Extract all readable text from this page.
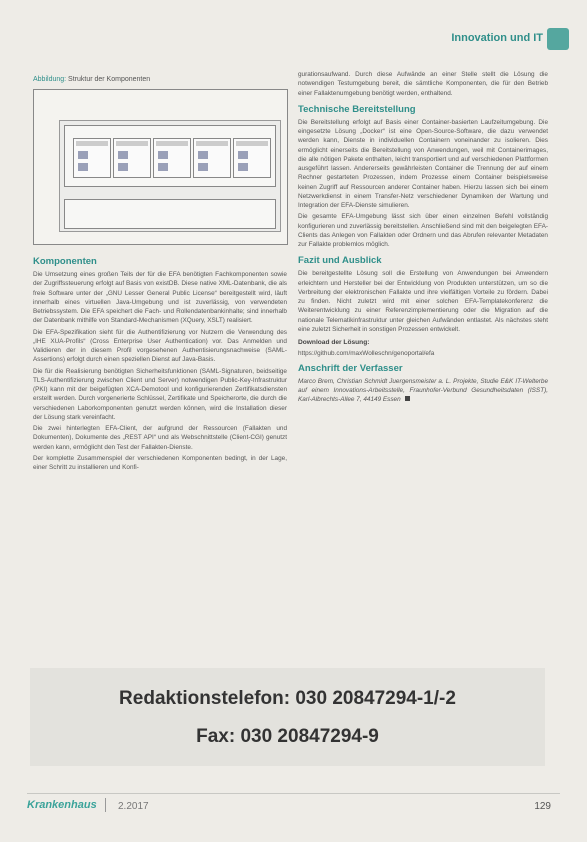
Innovation und IT
Abbildung: Struktur der Komponenten
Komponenten

Die Umsetzung eines großen Teils der für die EFA benötigten Fachkomponenten sowie der Zugriffssteuerung erfolgt auf Basis von existDB. Diese native XML-Datenbank, die als freie Software unter der „GNU Lesser General Public License“ bereitgestellt wird, läuft innerhalb eines virtuellen Java-Umgebung und ist zuverlässig, von verwendeten Betriebssystem. Die EFA speichert die Fach- und Rollendatenbankinhalte; sind innerhalb der Datenbank mithilfe von Standard-Mechanismen (XQuery, XSLT) realisiert.

Die EFA-Spezifikation sieht für die Authentifizierung vor Nutzern die Verwendung des „IHE XUA-Profils“ (Cross Enterprise User Authentication) vor. Das Anmelden und Validieren der in diesem Profil vorgesehenen Authentisierungsnachweise (SAML-Assertions) erfolgt durch einen speziellen Dienst auf Java-Basis.

Die für die Realisierung benötigten Sicherheitsfunktionen (SAML-Signaturen, beidseitige TLS-Authentifizierung zwischen Client und Server) notwendigen Public-Key-Infrastruktur (PKI) kann mit der beigefügten XCA-Demotool und konfigurierenden Zertifikatsdiensten erstellt werden. Durch vorgenerierte Schlüssel, Zertifikate und Speicherorte, die durch die verschiedenen Laborkomponenten genutzt werden können, wird die Installation dieser der Lösung stark vereinfacht.

Die zwei hinterlegten EFA-Client, der aufgrund der Ressourcen (Fallakten und Dokumenten), Dokumente des „REST API“ und als Webschnittstelle (Client-CGI) genutzt werden kann, ermöglicht den Test der Fallakten-Dienste.

Der komplette Zusammenspiel der verschiedenen Komponenten bedingt, in der Lage, einer Schritt zu installieren und Konfi-

gurationsaufwand. Durch diese Aufwände an einer Stelle stellt die Lösung die notwendigen Testumgebung bereit, die sämtliche Komponenten, die für den Betrieb einer Fallaktenumgebung benötigt werden, enthaltend.

Technische Bereitstellung

Die Bereitstellung erfolgt auf Basis einer Container-basierten Laufzeitumgebung. Die eingesetzte Lösung „Docker“ ist eine Open-Source-Software, die dazu verwendet werden kann, Dienste in individuellen Containern voneinander zu isolieren. Dies ermöglicht einerseits die Bereitstellung von Anwendungen, weil mit Containerimages, die alle nötigen Pakete enthalten, leicht transportiert und auf verschiedenen Plattformen ausgeführt lassen. Andererseits gewährleisten Container die Trennung der auf einem Rechner gestarteten Prozessen, indem Prozesse einem Container beispielsweise keinen Zugriff auf Ressourcen anderer Container haben. Hierzu lassen sich bei einem Netzwerkdienst in einem Transfer-Netz verschiedener Dynamiken der Wartung und Integration der EFA-Dienste simulieren.

Die gesamte EFA-Umgebung lässt sich über einen einzelnen Befehl vollständig konfigurieren und zuverlässig bereitstellen. Anschließend sind mit den beigelegten EFA-Clients das Anlegen von Fallakten oder Ordnern und das Abrufen relevanter Metadaten zur Fallakte problemlos möglich.

Fazit und Ausblick

Die bereitgestellte Lösung soll die Erstellung von Anwendungen bei Anwendern erleichtern und Hersteller bei der Entwicklung von Produkten unterstützen, um so die Verbreitung der elektronischen Fallakte und ihre vielfältigen Vorteile zu fördern. Dabei zu finden. Nicht zuletzt wird mit einer solchen EFA-Templatekonferenz die Weiterentwicklung zu einer Referenzimplementierung oder die Migration auf die nationale Telematikinfrastruktur unter gleichen Aufwänden entlastet. Als nächstes steht eine zuletzt Sicherheit in sonstigen Prozessen entwickelt.

Download der Lösung:

https://github.com/maxWolleschn/genoportal/efa

Anschrift der Verfasser

Marco Brem, Christian Schmidt Juergensmeister a. L. Projekte, Studie E&K IT-Welterbe auf einem Innovations-Arbeitsstelle, Fraunhofer-Verbund Gesundheitsdaten (ISST), Karl-Albrechts-Allee 7, 44149 Essen

Redaktionstelefon: 030 20847294-1/-2
Fax: 030 20847294-9
Krankenhaus 2.2017	129
